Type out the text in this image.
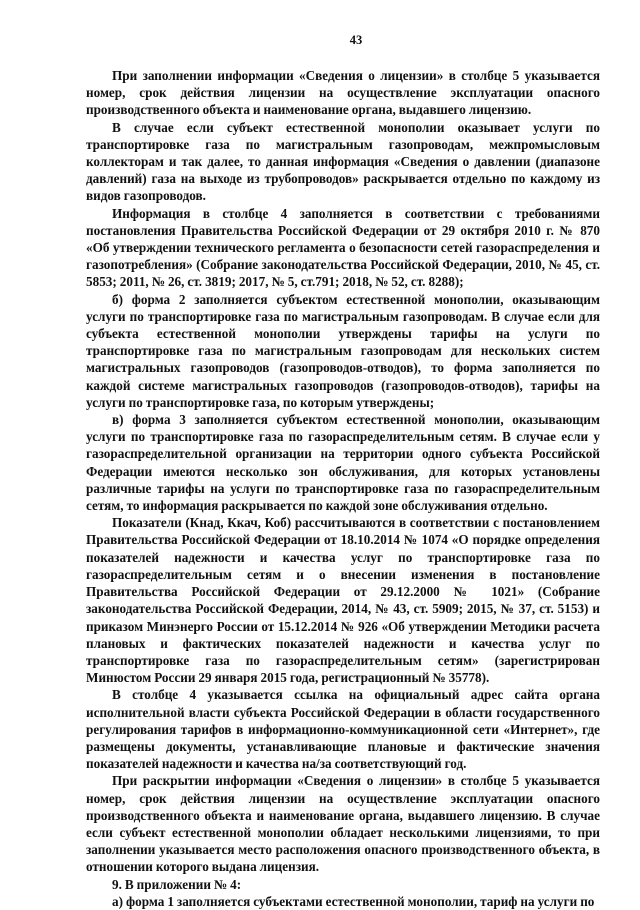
43

При заполнении информации «Сведения о лицензии» в столбце 5 указывается номер, срок действия лицензии на осуществление эксплуатации опасного производственного объекта и наименование органа, выдавшего лицензию.

В случае если субъект естественной монополии оказывает услуги по транспортировке газа по магистральным газопроводам, межпромысловым коллекторам и так далее, то данная информация «Сведения о давлении (диапазоне давлений) газа на выходе из трубопроводов» раскрывается отдельно по каждому из видов газопроводов.

Информация в столбце 4 заполняется в соответствии с требованиями постановления Правительства Российской Федерации от 29 октября 2010 г. № 870 «Об утверждении технического регламента о безопасности сетей газораспределения и газопотребления» (Собрание законодательства Российской Федерации, 2010, № 45, ст. 5853; 2011, № 26, ст. 3819; 2017, № 5, ст.791; 2018, № 52, ст. 8288);

б) форма 2 заполняется субъектом естественной монополии, оказывающим услуги по транспортировке газа по магистральным газопроводам. В случае если для субъекта естественной монополии утверждены тарифы на услуги по транспортировке газа по магистральным газопроводам для нескольких систем магистральных газопроводов (газопроводов-отводов), то форма заполняется по каждой системе магистральных газопроводов (газопроводов-отводов), тарифы на услуги по транспортировке газа, по которым утверждены;

в) форма 3 заполняется субъектом естественной монополии, оказывающим услуги по транспортировке газа по газораспределительным сетям. В случае если у газораспределительной организации на территории одного субъекта Российской Федерации имеются несколько зон обслуживания, для которых установлены различные тарифы на услуги по транспортировке газа по газораспределительным сетям, то информация раскрывается по каждой зоне обслуживания отдельно.

Показатели (Кнад, Ккач, Коб) рассчитываются в соответствии с постановлением Правительства Российской Федерации от 18.10.2014 № 1074 «О порядке определения показателей надежности и качества услуг по транспортировке газа по газораспределительным сетям и о внесении изменения в постановление Правительства Российской Федерации от 29.12.2000 № 1021» (Собрание законодательства Российской Федерации, 2014, № 43, ст. 5909; 2015, № 37, ст. 5153) и приказом Минэнерго России от 15.12.2014 № 926 «Об утверждении Методики расчета плановых и фактических показателей надежности и качества услуг по транспортировке газа по газораспределительным сетям» (зарегистрирован Минюстом России 29 января 2015 года, регистрационный № 35778).

В столбце 4 указывается ссылка на официальный адрес сайта органа исполнительной власти субъекта Российской Федерации в области государственного регулирования тарифов в информационно-коммуникационной сети «Интернет», где размещены документы, устанавливающие плановые и фактические значения показателей надежности и качества на/за соответствующий год.

При раскрытии информации «Сведения о лицензии» в столбце 5 указывается номер, срок действия лицензии на осуществление эксплуатации опасного производственного объекта и наименование органа, выдавшего лицензию. В случае если субъект естественной монополии обладает несколькими лицензиями, то при заполнении указывается место расположения опасного производственного объекта, в отношении которого выдана лицензия.

9. В приложении № 4:

а) форма 1 заполняется субъектами естественной монополии, тариф на услуги по
